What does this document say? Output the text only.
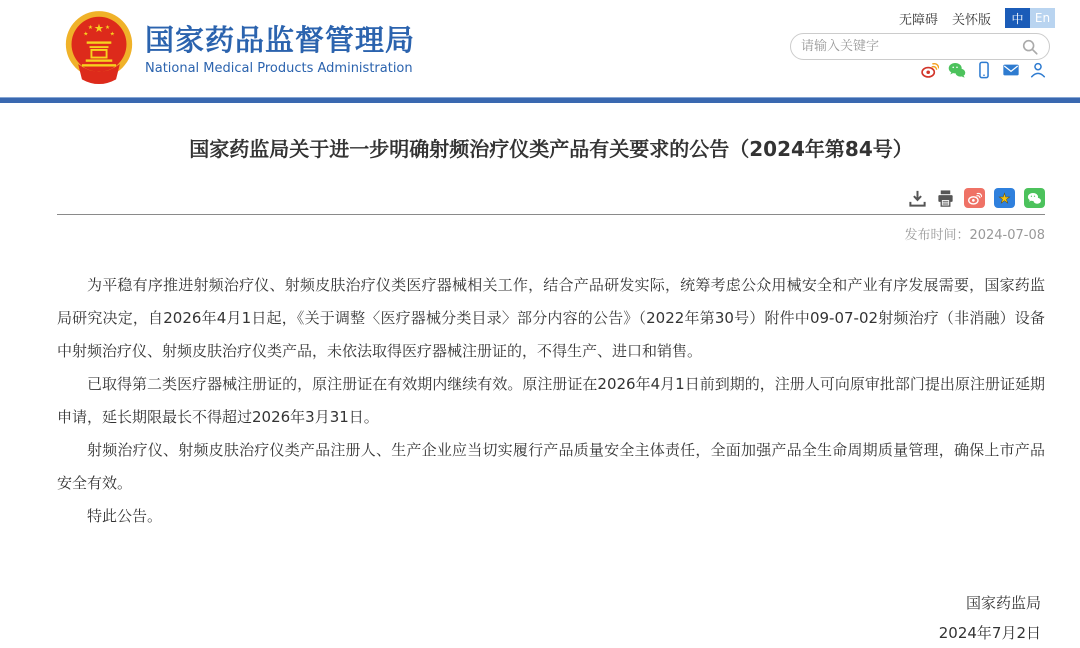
无障碍 关怀版	中 En
★
★	★
★ ★ 国家药品监督管理局
National Medical Products Administration
请输入关键字
国家药监局关于进一步明确射频治疗仪类产品有关要求的公告（2024年第84号）
★
发布时间：2024-07-08

为平稳有序推进射频治疗仪、射频皮肤治疗仪类医疗器械相关工作，结合产品研发实际，统筹考虑公众用械安全和产业有序发展需要，国家药监局研究决定，自2026年4月1日起，《关于调整〈医疗器械分类目录〉部分内容的公告》（2022年第30号）附件中09-07-02射频治疗（非消融）设备中射频治疗仪、射频皮肤治疗仪类产品，未依法取得医疗器械注册证的，不得生产、进口和销售。

已取得第二类医疗器械注册证的，原注册证在有效期内继续有效。原注册证在2026年4月1日前到期的，注册人可向原审批部门提出原注册证延期申请，延长期限最长不得超过2026年3月31日。

射频治疗仪、射频皮肤治疗仪类产品注册人、生产企业应当切实履行产品质量安全主体责任，全面加强产品全生命周期质量管理，确保上市产品安全有效。

特此公告。

国家药监局
2024年7月2日
